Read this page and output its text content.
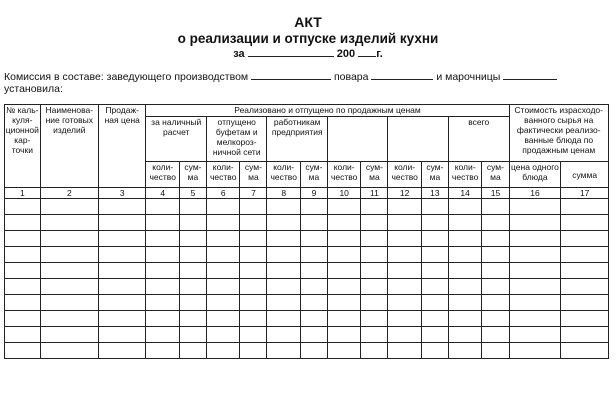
АКТ
о реализации и отпуске изделий кухни
за	200 г.
Комиссия в составе: заведующего производством	повара	и марочницы
установила:
№ каль- куля- ционной кар- точки	Наименова- ние готовых изделий	Продаж- ная цена	Реализовано и отпущено по продажным ценам												Стоимость израсходо- ванного сырья на фактически реализо- ванные блюда по продажным ценам	
			за наличный расчет		отпущено буфетам и мелкороз- ничной сети		работникам предприятия						всего			
			коли- чество	сум- ма	коли- чество	сум- ма	коли- чество	сум- ма	коли- чество	сум- ма	коли- чество	сум- ма	коли- чество	сум- ма	цена одного блюда	сумма
1	2	3	4	5	6	7	8	9	10	11	12	13	14	15	16	17
